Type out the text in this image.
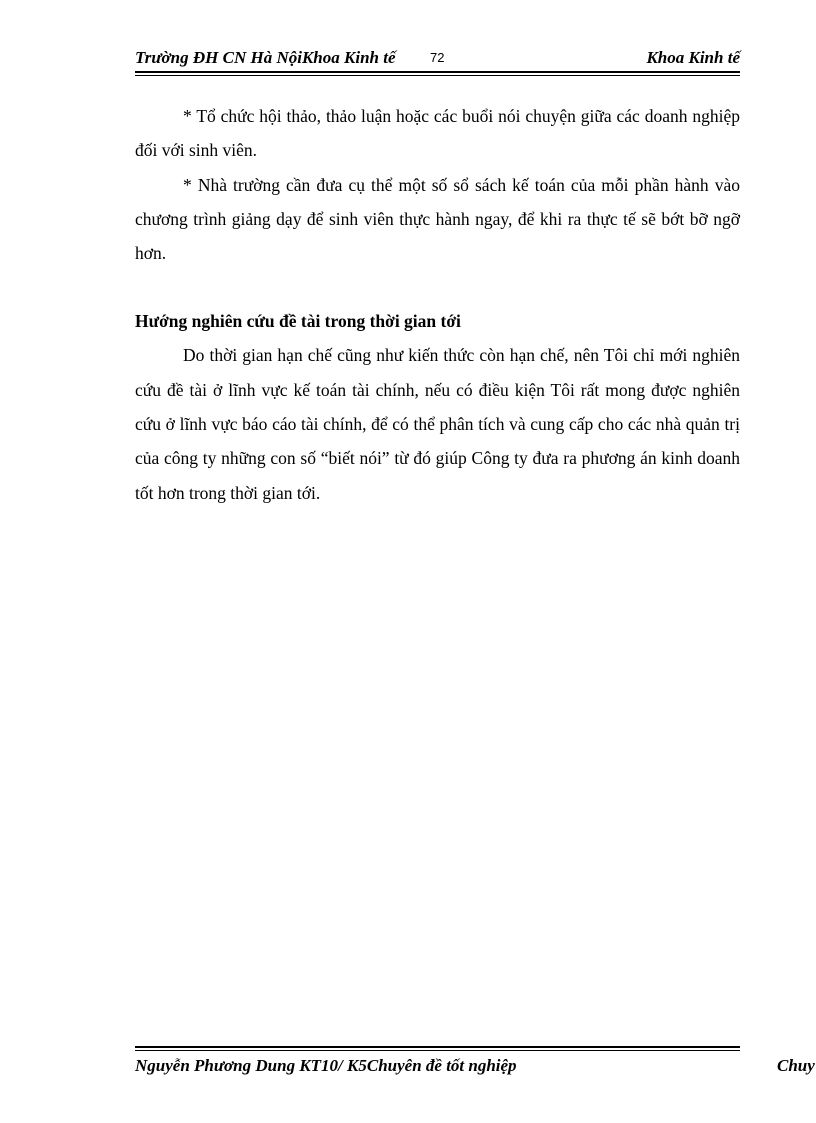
Trường ĐH CN Hà NộiKhoa Kinh tế	72	Khoa Kinh tế

* Tổ chức hội thảo, thảo luận hoặc các buổi nói chuyện giữa các doanh nghiệp đối với sinh viên.

* Nhà trường cần đưa cụ thể một số sổ sách kế toán của mỗi phần hành vào chương trình giảng dạy để sinh viên thực hành ngay, để khi ra thực tế sẽ bớt bỡ ngỡ hơn.

Hướng nghiên cứu đề tài trong thời gian tới

Do thời gian hạn chế cũng như kiến thức còn hạn chế, nên Tôi chỉ mới nghiên cứu đề tài ở lĩnh vực kế toán tài chính, nếu có điều kiện Tôi rất mong được nghiên cứu ở lĩnh vực báo cáo tài chính, để có thể phân tích và cung cấp cho các nhà quản trị của công ty những con số “biết nói” từ đó giúp Công ty đưa ra phương án kinh doanh tốt hơn trong thời gian tới.

Nguyễn Phương Dung KT10/ K5Chuyên đề tốt nghiệp	Chuy
